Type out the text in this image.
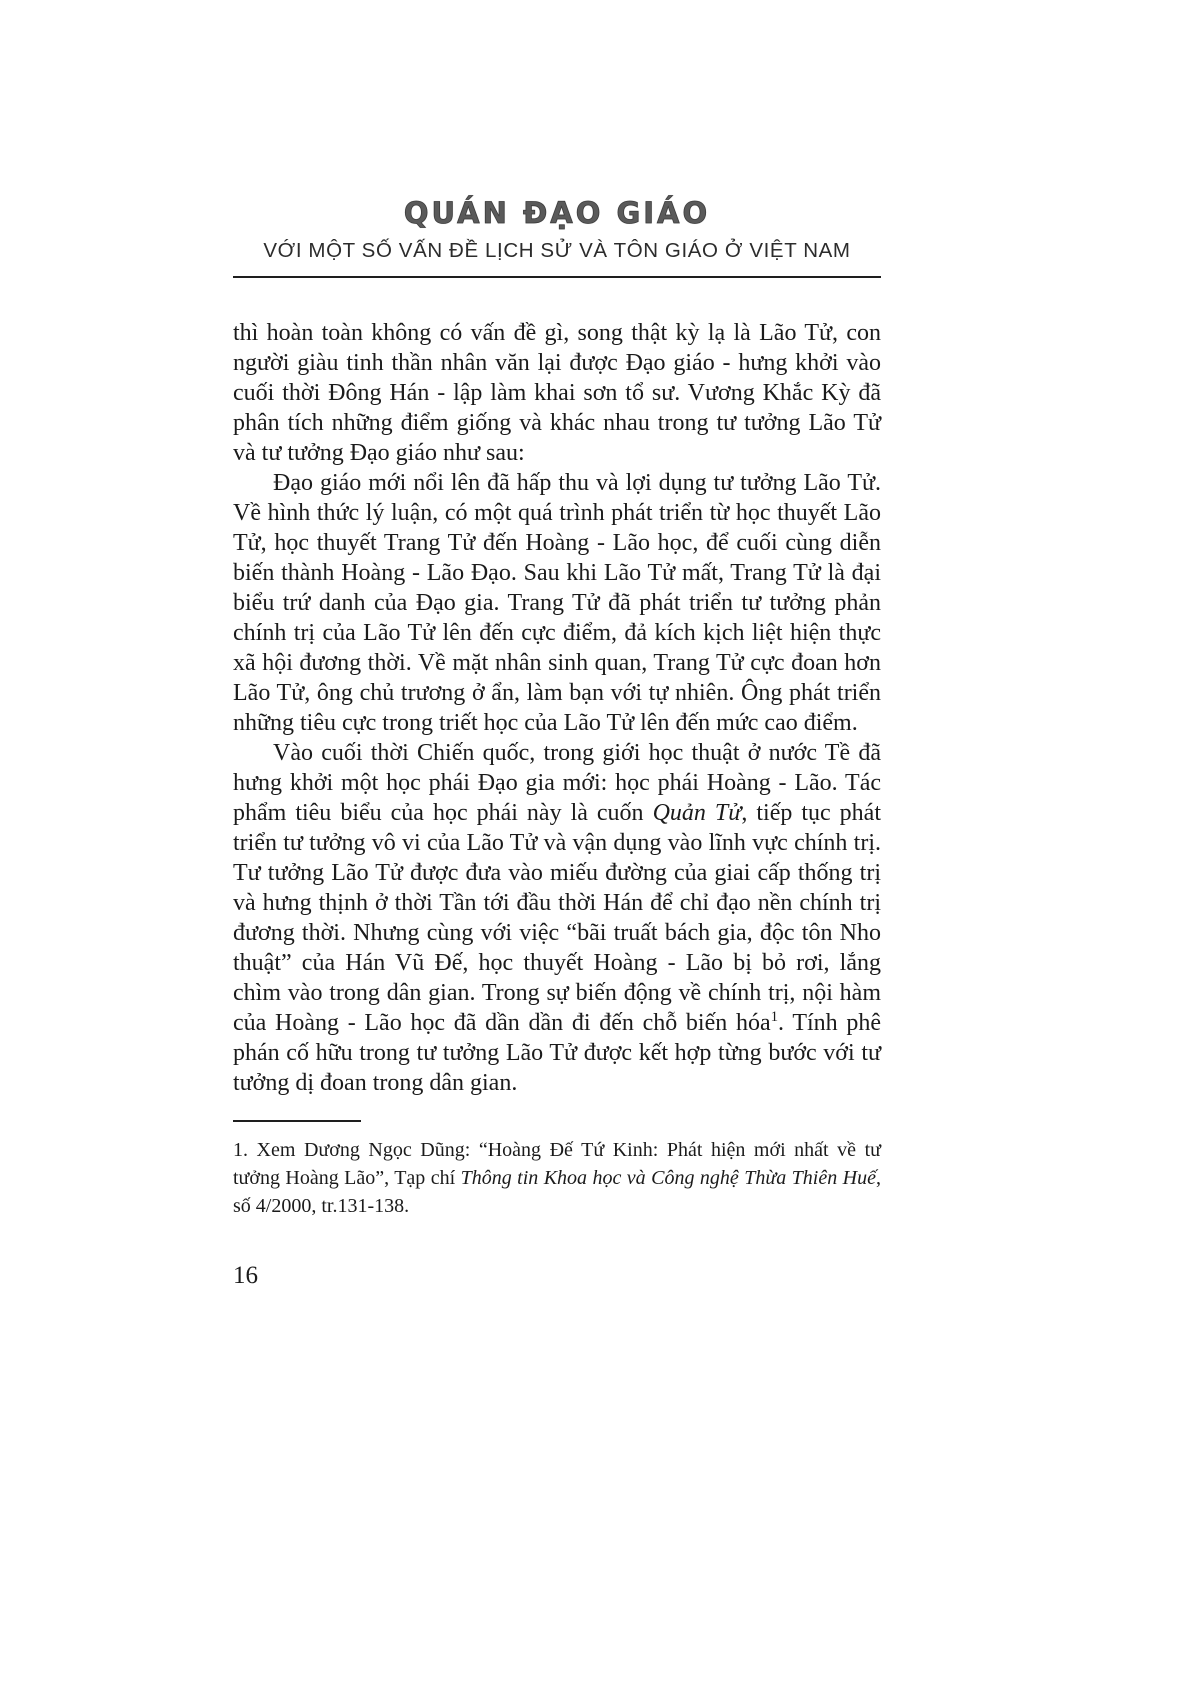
QUÁN ĐẠO GIÁO

VỚI MỘT SỐ VẤN ĐỀ LỊCH SỬ VÀ TÔN GIÁO Ở VIỆT NAM

thì hoàn toàn không có vấn đề gì, song thật kỳ lạ là Lão Tử, con người giàu tinh thần nhân văn lại được Đạo giáo - hưng khởi vào cuối thời Đông Hán - lập làm khai sơn tổ sư. Vương Khắc Kỳ đã phân tích những điểm giống và khác nhau trong tư tưởng Lão Tử và tư tưởng Đạo giáo như sau:

Đạo giáo mới nổi lên đã hấp thu và lợi dụng tư tưởng Lão Tử. Về hình thức lý luận, có một quá trình phát triển từ học thuyết Lão Tử, học thuyết Trang Tử đến Hoàng - Lão học, để cuối cùng diễn biến thành Hoàng - Lão Đạo. Sau khi Lão Tử mất, Trang Tử là đại biểu trứ danh của Đạo gia. Trang Tử đã phát triển tư tưởng phản chính trị của Lão Tử lên đến cực điểm, đả kích kịch liệt hiện thực xã hội đương thời. Về mặt nhân sinh quan, Trang Tử cực đoan hơn Lão Tử, ông chủ trương ở ẩn, làm bạn với tự nhiên. Ông phát triển những tiêu cực trong triết học của Lão Tử lên đến mức cao điểm.

Vào cuối thời Chiến quốc, trong giới học thuật ở nước Tề đã hưng khởi một học phái Đạo gia mới: học phái Hoàng - Lão. Tác phẩm tiêu biểu của học phái này là cuốn Quản Tử, tiếp tục phát triển tư tưởng vô vi của Lão Tử và vận dụng vào lĩnh vực chính trị. Tư tưởng Lão Tử được đưa vào miếu đường của giai cấp thống trị và hưng thịnh ở thời Tần tới đầu thời Hán để chỉ đạo nền chính trị đương thời. Nhưng cùng với việc “bãi truất bách gia, độc tôn Nho thuật” của Hán Vũ Đế, học thuyết Hoàng - Lão bị bỏ rơi, lắng chìm vào trong dân gian. Trong sự biến động về chính trị, nội hàm của Hoàng - Lão học đã dần dần đi đến chỗ biến hóa$^1$. Tính phê phán cố hữu trong tư tưởng Lão Tử được kết hợp từng bước với tư tưởng dị đoan trong dân gian.

1. Xem Dương Ngọc Dũng: “Hoàng Đế Tứ Kinh: Phát hiện mới nhất về tư tưởng Hoàng Lão”, Tạp chí Thông tin Khoa học và Công nghệ Thừa Thiên Huế, số 4/2000, tr.131-138.

16
